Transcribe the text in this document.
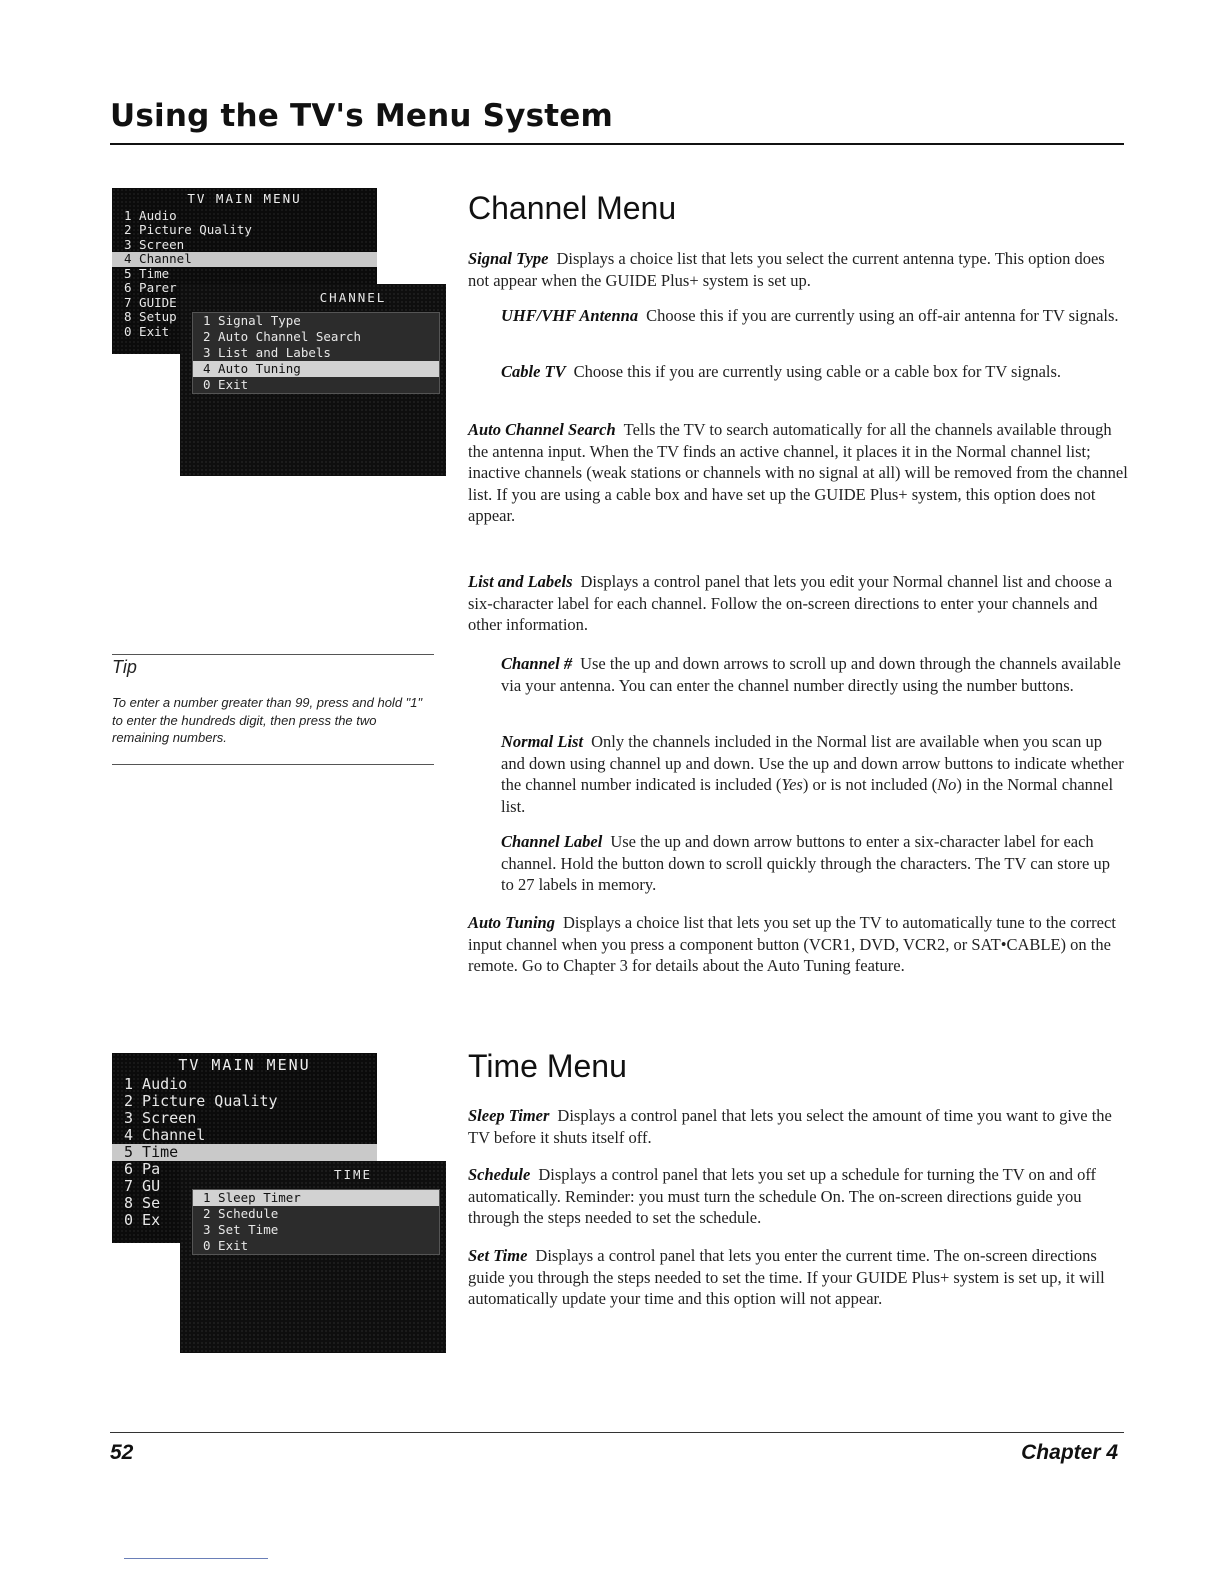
Using the TV's Menu System
TV MAIN MENU
1 Audio
2 Picture Quality
3 Screen
4 Channel
5 Time
6 Parer
7 GUIDE
8 Setup
0 Exit
CHANNEL
1 Signal Type
2 Auto Channel Search
3 List and Labels
4 Auto Tuning
0 Exit
TV MAIN MENU
1 Audio
2 Picture Quality
3 Screen
4 Channel
5 Time
6 Pa
7 GU
8 Se
0 Ex
TIME
1 Sleep Timer
2 Schedule
3 Set Time
0 Exit

Tip

To enter a number greater than 99, press and hold "1" to enter the hundreds digit, then press the two remaining numbers.

Channel Menu

Signal Type Displays a choice list that lets you select the current antenna type. This option does not appear when the GUIDE Plus+ system is set up.

UHF/VHF Antenna Choose this if you are currently using an off-air antenna for TV signals.

Cable TV Choose this if you are currently using cable or a cable box for TV signals.

Auto Channel Search Tells the TV to search automatically for all the channels available through the antenna input. When the TV finds an active channel, it places it in the Normal channel list; inactive channels (weak stations or channels with no signal at all) will be removed from the channel list. If you are using a cable box and have set up the GUIDE Plus+ system, this option does not appear.

List and Labels Displays a control panel that lets you edit your Normal channel list and choose a six-character label for each channel. Follow the on-screen directions to enter your channels and other information.

Channel # Use the up and down arrows to scroll up and down through the channels available via your antenna. You can enter the channel number directly using the number buttons.

Normal List Only the channels included in the Normal list are available when you scan up and down using channel up and down. Use the up and down arrow buttons to indicate whether the channel number indicated is included (Yes) or is not included (No) in the Normal channel list.

Channel Label Use the up and down arrow buttons to enter a six-character label for each channel. Hold the button down to scroll quickly through the characters. The TV can store up to 27 labels in memory.

Auto Tuning Displays a choice list that lets you set up the TV to automatically tune to the correct input channel when you press a component button (VCR1, DVD, VCR2, or SAT•CABLE) on the remote. Go to Chapter 3 for details about the Auto Tuning feature.

Time Menu

Sleep Timer Displays a control panel that lets you select the amount of time you want to give the TV before it shuts itself off.

Schedule Displays a control panel that lets you set up a schedule for turning the TV on and off automatically. Reminder: you must turn the schedule On. The on-screen directions guide you through the steps needed to set the schedule.

Set Time Displays a control panel that lets you enter the current time. The on-screen directions guide you through the steps needed to set the time. If your GUIDE Plus+ system is set up, it will automatically update your time and this option will not appear.

52	Chapter 4
